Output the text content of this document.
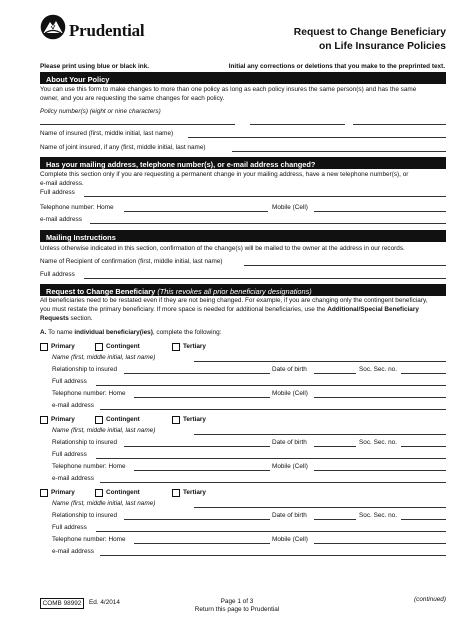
Prudential	Request to Change Beneficiary
on Life Insurance Policies
Please print using blue or black ink.	Initial any corrections or deletions that you make to the preprinted text.
About Your Policy
You can use this form to make changes to more than one policy as long as each policy insures the same person(s) and has the same
owner, and you are requesting the same changes for each policy.
Policy number(s) (eight or nine characters)
Name of insured (first, middle initial, last name)
Name of joint insured, if any (first, middle initial, last name)
Has your mailing address, telephone number(s), or e-mail address changed?
Complete this section only if you are requesting a permanent change in your mailing address, have a new telephone number(s), or
e-mail address.
Full address
Telephone number: Home	Mobile (Cell)
e-mail address
Mailing Instructions
Unless otherwise indicated in this section, confirmation of the change(s) will be mailed to the owner at the address in our records.
Name of Recipient of confirmation (first, middle initial, last name)
Full address
Request to Change Beneficiary (This revokes all prior beneficiary designations)
All beneficiaries need to be restated even if they are not being changed. For example, if you are changing only the contingent beneficiary,
you must restate the primary beneficiary. If more space is needed for additional beneficiaries, use the Additional/Special Beneficiary
Requests section.
A. To name individual beneficiary(ies), complete the following:
Primary	Contingent	Tertiary
Name (first, middle initial, last name)
Relationship to insured	Date of birth	Soc. Sec. no.
Full address
Telephone number: Home	Mobile (Cell)
e-mail address
Primary	Contingent	Tertiary
Name (first, middle initial, last name)
Relationship to insured	Date of birth	Soc. Sec. no.
Full address
Telephone number: Home	Mobile (Cell)
e-mail address
Primary	Contingent	Tertiary
Name (first, middle initial, last name)
Relationship to insured	Date of birth	Soc. Sec. no.
Full address
Telephone number: Home	Mobile (Cell)
e-mail address
COMB 98992	Ed. 4/2014	Page 1 of 3
Return this page to Prudential
(continued)
